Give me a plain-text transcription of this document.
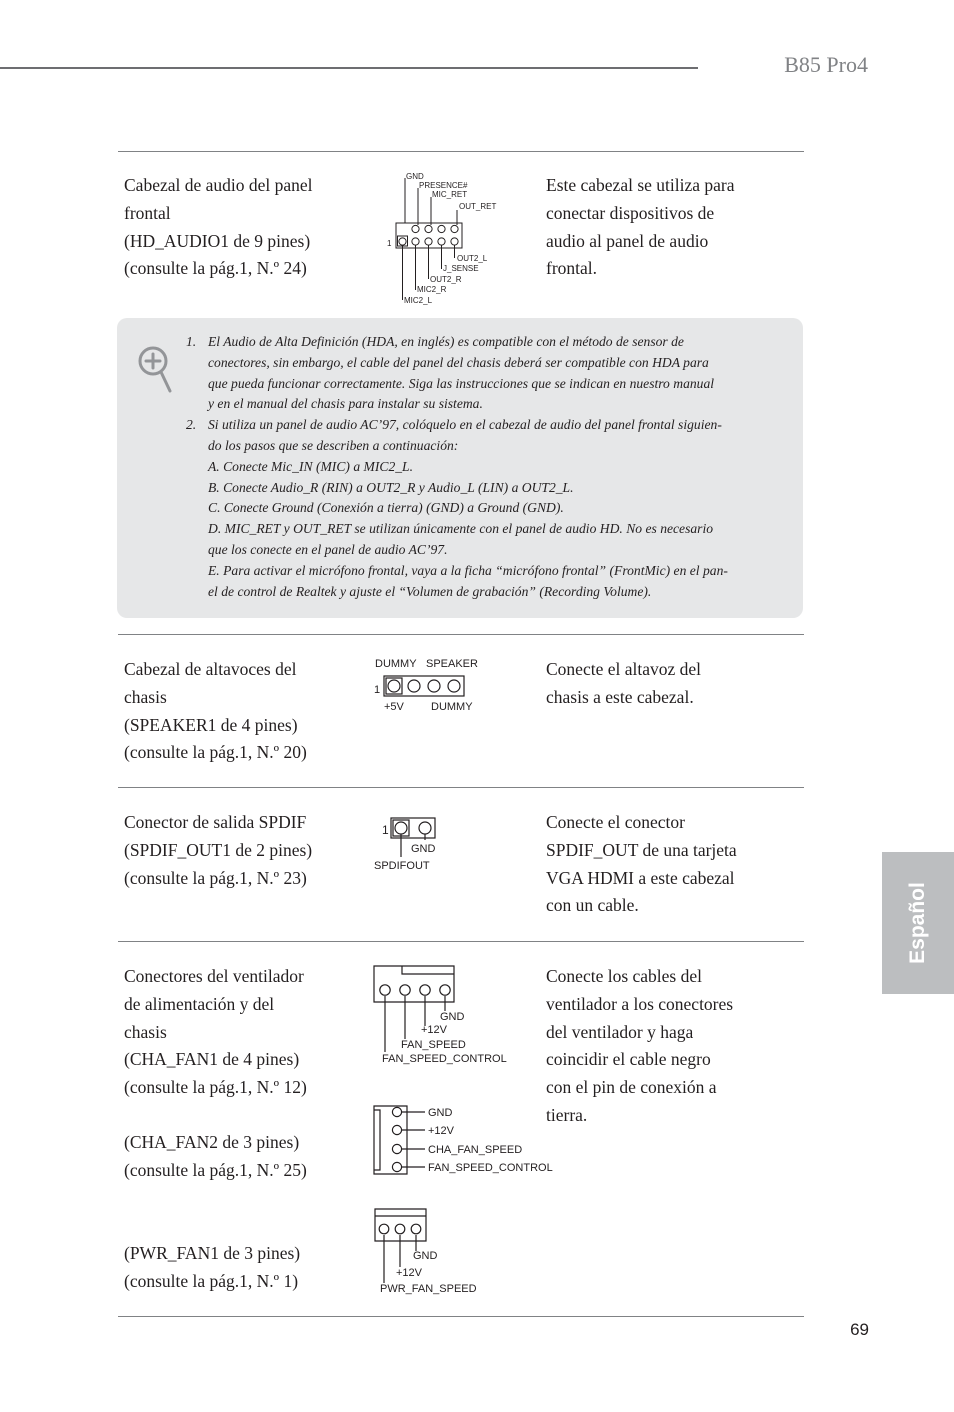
B85 Pro4
Cabezal de audio del panel
frontal
(HD_AUDIO1 de 9 pines)
(consulte la pág.1, N.º 24)
Este cabezal se utiliza para
conectar dispositivos de
audio al panel de audio
frontal.
1
GND
PRESENCE#
MIC_RET
OUT_RET
OUT2_L
J_SENSE
OUT2_R
MIC2_R
MIC2_L
1. El Audio de Alta Definición (HDA, en inglés) es compatible con el método de sensor de
conectores, sin embargo, el cable del panel del chasis deberá ser compatible con HDA para
que pueda funcionar correctamente. Siga las instrucciones que se indican en nuestro manual
y en el manual del chasis para instalar su sistema.
2. Si utiliza un panel de audio AC’97, colóquelo en el cabezal de audio del panel frontal siguien-
do los pasos que se describen a continuación:
A. Conecte Mic_IN (MIC) a MIC2_L.
B. Conecte Audio_R (RIN) a OUT2_R y Audio_L (LIN) a OUT2_L.
C. Conecte Ground (Conexión a tierra) (GND) a Ground (GND).
D. MIC_RET y OUT_RET se utilizan únicamente con el panel de audio HD. No es necesario
que los conecte en el panel de audio AC’97.
E. Para activar el micrófono frontal, vaya a la ficha “micrófono frontal” (FrontMic) en el pan-
el de control de Realtek y ajuste el “Volumen de grabación” (Recording Volume).
Cabezal de altavoces del
chasis
(SPEAKER1 de 4 pines)
(consulte la pág.1, N.º 20)
Conecte el altavoz del
chasis a este cabezal.
DUMMY SPEAKER
1
+5V DUMMY
Conector de salida SPDIF
(SPDIF_OUT1 de 2 pines)
(consulte la pág.1, N.º 23)
Conecte el conector
SPDIF_OUT de una tarjeta
VGA HDMI a este cabezal
con un cable.
1
GND
SPDIFOUT
Conectores del ventilador
de alimentación y del
chasis
(CHA_FAN1 de 4 pines)
(consulte la pág.1, N.º 12)
(CHA_FAN2 de 3 pines)
(consulte la pág.1, N.º 25)
(PWR_FAN1 de 3 pines)
(consulte la pág.1, N.º 1)
Conecte los cables del
ventilador a los conectores
del ventilador y haga
coincidir el cable negro
con el pin de conexión a
tierra.
GND
+12V
FAN_SPEED
FAN_SPEED_CONTROL
GND
+12V
CHA_FAN_SPEED
FAN_SPEED_CONTROL
GND
+12V
PWR_FAN_SPEED
Español
69
